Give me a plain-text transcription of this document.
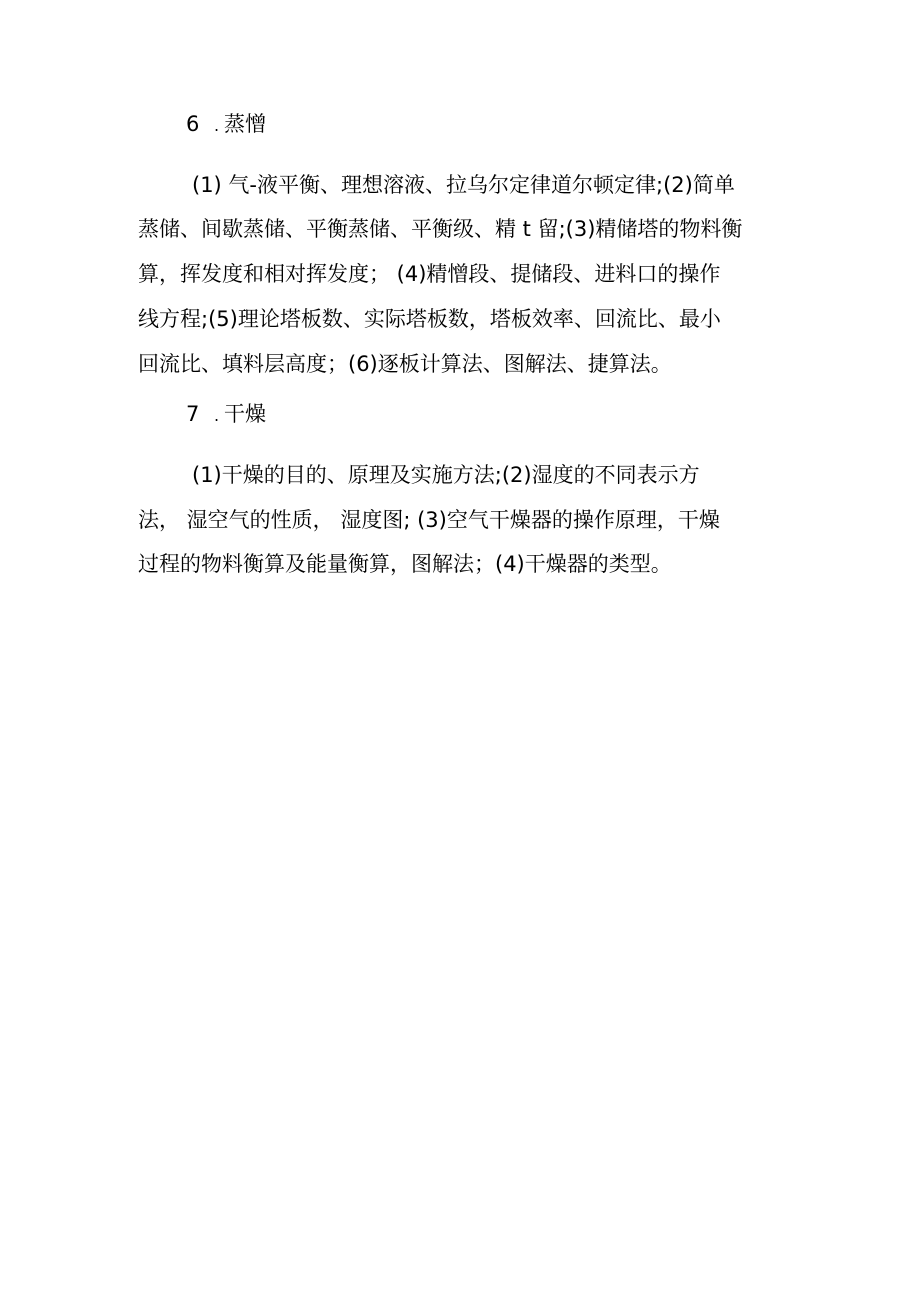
6 . 蒸憎
(1) 气-液平衡、理想溶液、拉乌尔定律道尔顿定律;(2)简单
蒸储、间歇蒸储、平衡蒸储、平衡级、精 t 留;(3)精储塔的物料衡
算，挥发度和相对挥发度； (4)精憎段、提储段、进料口的操作
线方程;(5)理论塔板数、实际塔板数，塔板效率、回流比、最小
回流比、填料层高度；(6)逐板计算法、图解法、捷算法。
7 . 干燥
(1)干燥的目的、原理及实施方法;(2)湿度的不同表示方
法， 湿空气的性质， 湿度图; (3)空气干燥器的操作原理，干燥
过程的物料衡算及能量衡算，图解法；(4)干燥器的类型。
